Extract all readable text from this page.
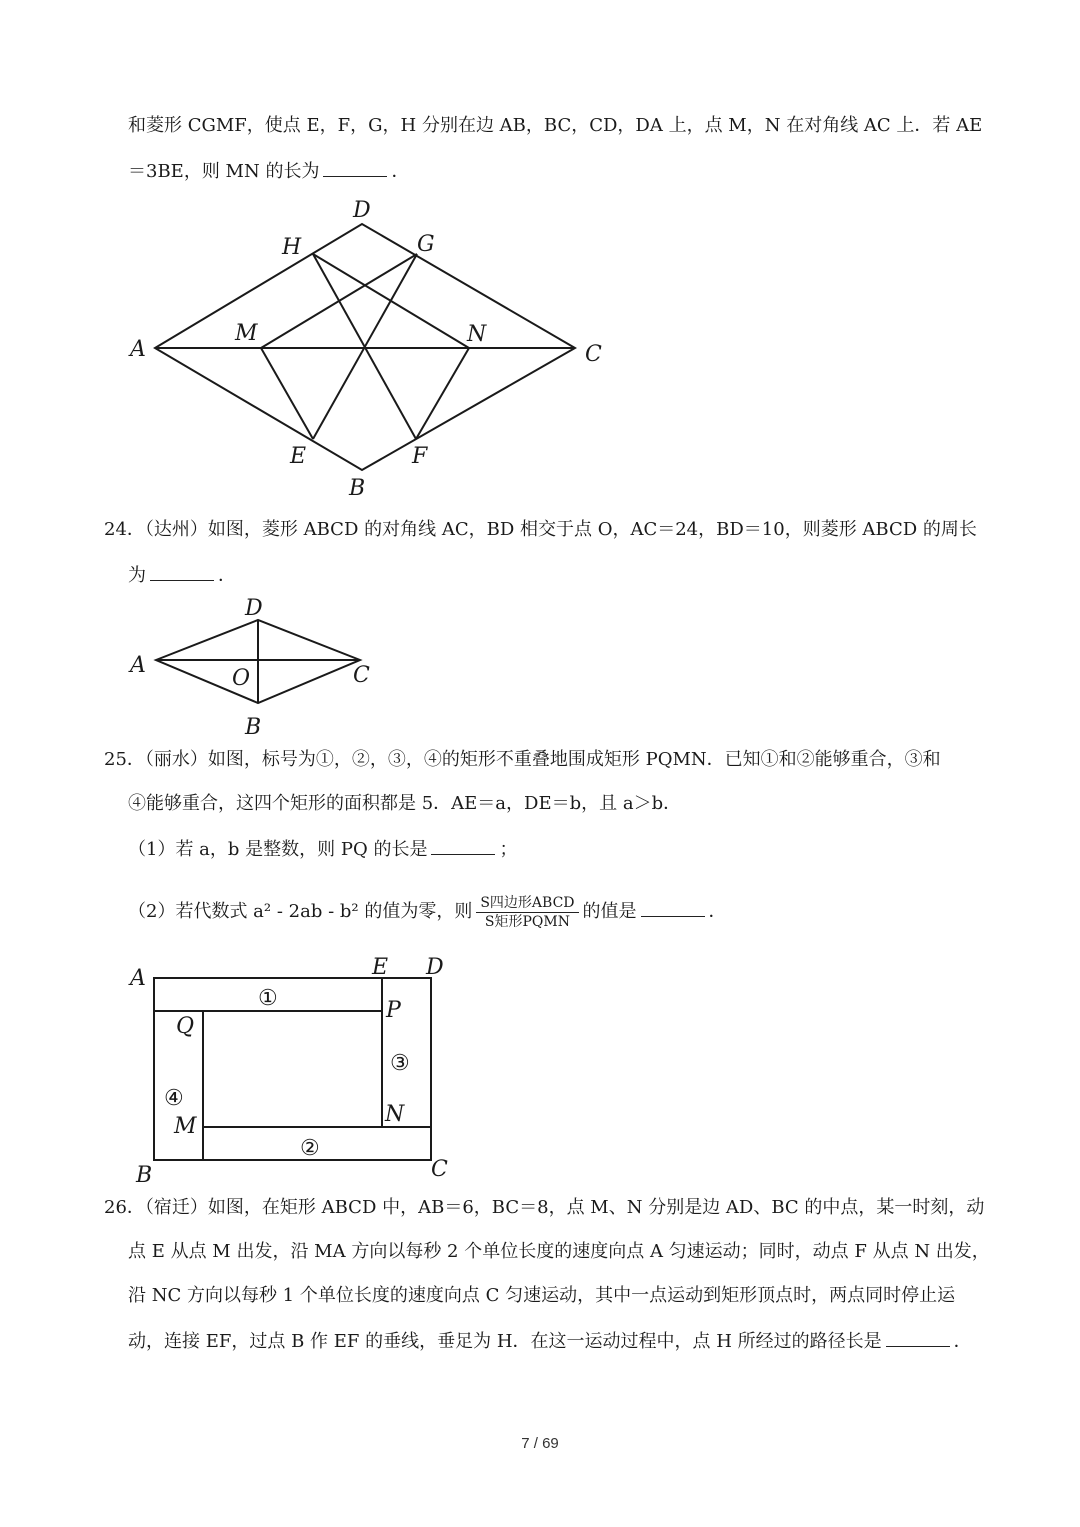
和菱形 CGMF，使点 E，F，G，H 分别在边 AB，BC，CD，DA 上，点 M，N 在对角线 AC 上．若 AE
＝3BE，则 MN 的长为	．
D
H	G
A
M	N
C
E	F
B
24．（达州）如图，菱形 ABCD 的对角线 AC，BD 相交于点 O，AC＝24，BD＝10，则菱形 ABCD 的周长
为	．
D
A
O	C
B
25．（丽水）如图，标号为①，②，③，④的矩形不重叠地围成矩形 PQMN．已知①和②能够重合，③和
④能够重合，这四个矩形的面积都是 5．AE＝a，DE＝b，且 a＞b．
（1）若 a，b 是整数，则 PQ 的长是	；
（2）若代数式 a² - 2ab - b² 的值为零，则 $\frac{\text{S四边形ABCD}}{\text{S矩形PQMN}}$ 的值是	．
A	E D
P
Q
①
③
④
M	N
②
B	C
26．（宿迁）如图，在矩形 ABCD 中，AB＝6，BC＝8，点 M、N 分别是边 AD、BC 的中点，某一时刻，动
点 E 从点 M 出发，沿 MA 方向以每秒 2 个单位长度的速度向点 A 匀速运动；同时，动点 F 从点 N 出发，
沿 NC 方向以每秒 1 个单位长度的速度向点 C 匀速运动，其中一点运动到矩形顶点时，两点同时停止运
动，连接 EF，过点 B 作 EF 的垂线，垂足为 H．在这一运动过程中，点 H 所经过的路径长是	．
7 / 69
